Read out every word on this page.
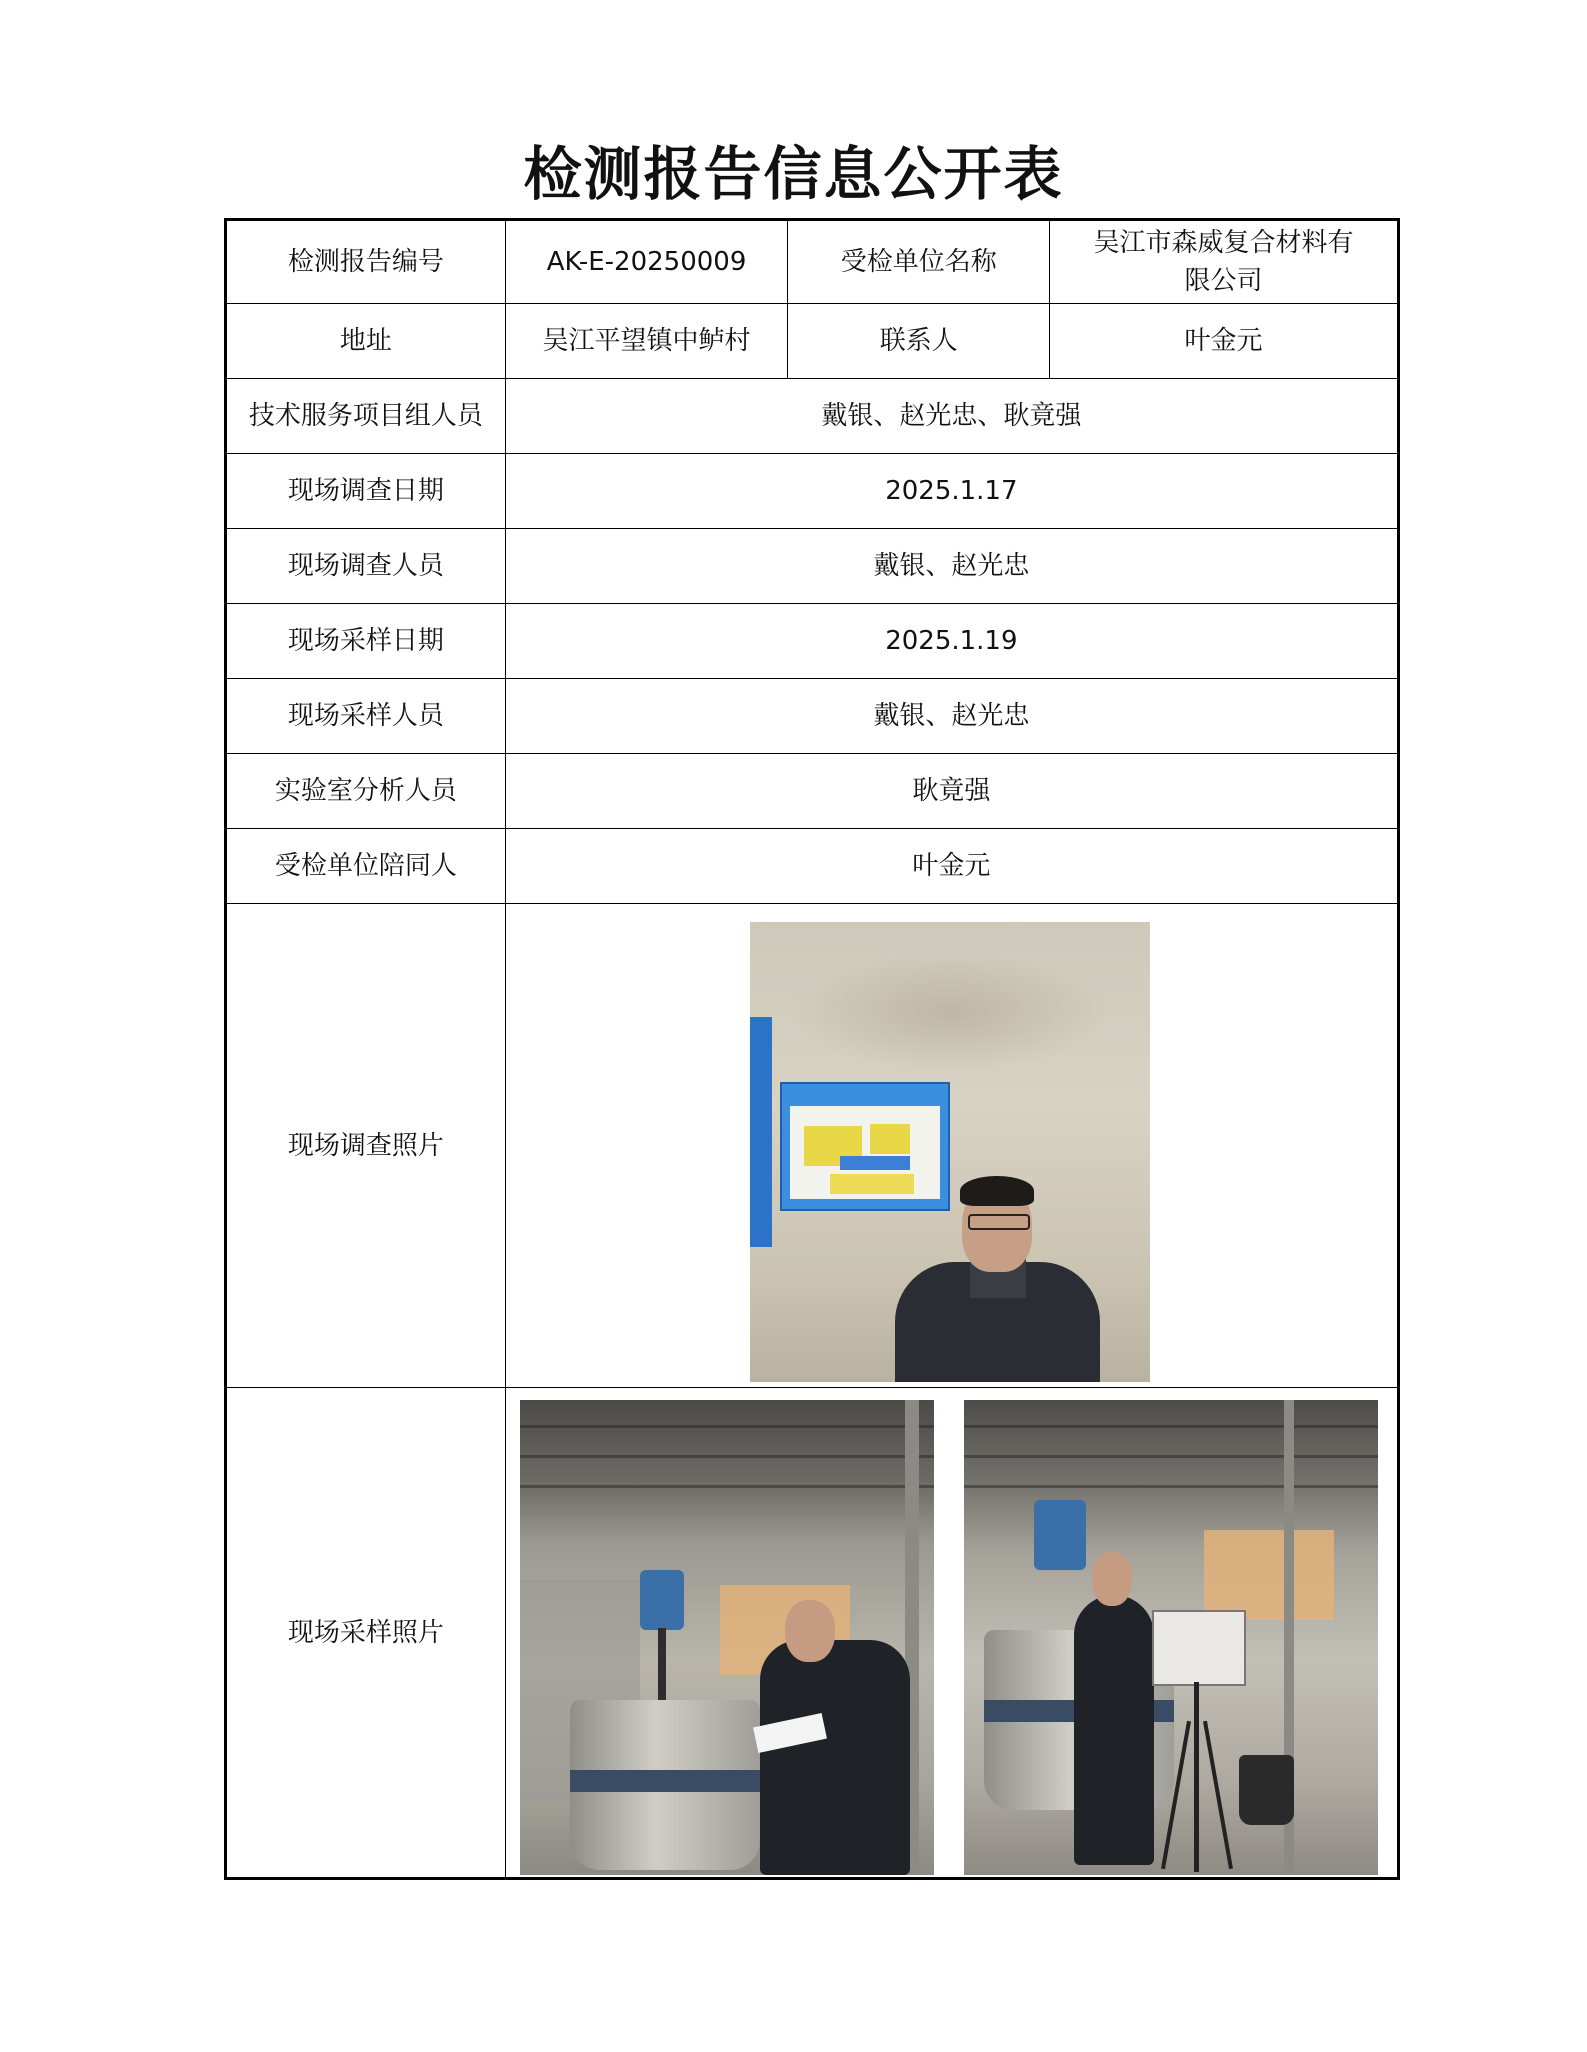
检测报告信息公开表
检测报告编号	AK-E-20250009	受检单位名称	吴江市森威复合材料有限公司
地址	吴江平望镇中鲈村	联系人	叶金元
技术服务项目组人员	戴银、赵光忠、耿竟强		
现场调查日期	2025.1.17		
现场调查人员	戴银、赵光忠		
现场采样日期	2025.1.19		
现场采样人员	戴银、赵光忠		
实验室分析人员	耿竟强		
受检单位陪同人	叶金元		
现场调查照片			

现场采样照片			
